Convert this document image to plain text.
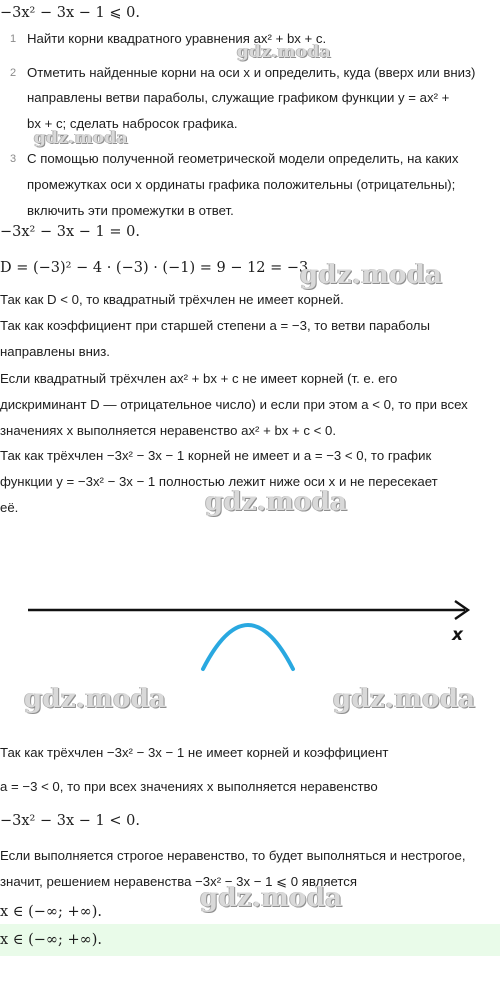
−3x² − 3x − 1 ⩽ 0.
1 Найти корни квадратного уравнения ax² + bx + c.
2 Отметить найденные корни на оси x и определить, куда (вверх или вниз)
направлены ветви параболы, служащие графиком функции y = ax² +
bx + c; сделать набросок графика.
3 С помощью полученной геометрической модели определить, на каких
промежутках оси x ординаты графика положительны (отрицательны);
включить эти промежутки в ответ.
−3x² − 3x − 1 = 0.
D = (−3)² − 4 · (−3) · (−1) = 9 − 12 = −3
Так как D < 0, то квадратный трёхчлен не имеет корней.
Так как коэффициент при старшей степени a = −3, то ветви параболы
направлены вниз.
Если квадратный трёхчлен ax² + bx + c не имеет корней (т. е. его
дискриминант D — отрицательное число) и если при этом a < 0, то при всех
значениях x выполняется неравенство ax² + bx + c < 0.
Так как трёхчлен −3x² − 3x − 1 корней не имеет и a = −3 < 0, то график
функции y = −3x² − 3x − 1 полностью лежит ниже оси x и не пересекает
её.
x
Так как трёхчлен −3x² − 3x − 1 не имеет корней и коэффициент
a = −3 < 0, то при всех значениях x выполняется неравенство
−3x² − 3x − 1 < 0.
Если выполняется строгое неравенство, то будет выполняться и нестрогое,
значит, решением неравенства −3x² − 3x − 1 ⩽ 0 является
x ∈ (−∞; +∞).
x ∈ (−∞; +∞).
gdz.moda
gdz.moda
gdz.moda
gdz.moda
gdz.moda	gdz.moda
gdz.moda
